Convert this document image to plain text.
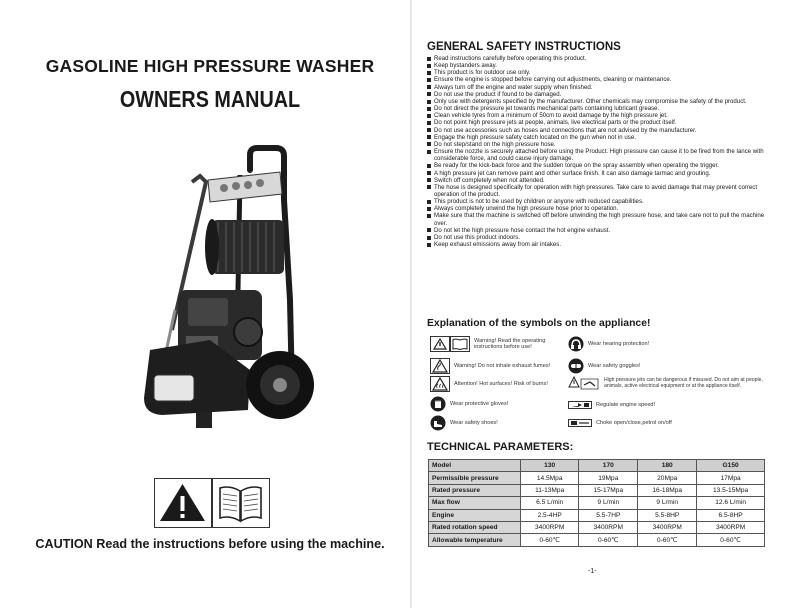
GASOLINE HIGH PRESSURE WASHER
OWNERS MANUAL
CAUTION Read the instructions before using the machine.
GENERAL SAFETY INSTRUCTIONS
Read instructions carefully before operating this product.
Keep bystanders away.
This product is for outdoor use only.
Ensure the engine is stopped before carrying out adjustments, cleaning or maintenance.
Always turn off the engine and water supply when finished.
Do not use the product if found to be damaged.
Only use with detergents specified by the manufacturer. Other chemicals may compromise the safety of the product.
Do not direct the pressure jet towards mechanical parts containing lubricant grease.
Clean vehicle tyres from a minimum of 50cm to avoid damage by the high pressure jet.
Do not point high pressure jets at people, animals, live electrical parts or the product itself.
Do not use accessories such as hoses and connections that are not advised by the manufacturer.
Engage the high pressure safety catch located on the gun when not in use.
Do not step/stand on the high pressure hose.
Ensure the nozzle is securely attached before using the Product. High pressure can cause it to be fired from the lance with considerable force, and could cause injury damage.
Be ready for the kick-back force and the sudden torque on the spray assembly when operating the trigger.
A high pressure jet can remove paint and other surface finish. It can also damage tarmac and grouting.
Switch off completely when not attended.
The hose is designed specifically for operation with high pressures. Take care to avoid damage that may prevent correct operation of the product.
This product is not to be used by children or anyone with reduced capabilities.
Always completely unwind the high pressure hose prior to operation.
Make sure that the machine is switched off before unwinding the high pressure hose, and take care not to pull the machine over.
Do not let the high pressure hose contact the hot engine exhaust.
Do not use this product indoors.
Keep exhaust emissions away from air intakes.
Explanation of the symbols on the appliance!
Warning! Read the operating instructions before use!
Wear hearing protection!
Warning! Do not inhale exhaust fumes!	Wear safety goggles!
Attention! Hot surfaces! Risk of burns!
High pressure jets can be dangerous if misused. Do not aim at people, animals, active electrical equipment or at the appliance itself.
Wear protective gloves!	Regulate engine speed!
Wear safety shoes!	Choke open/close,petrol on/off
TECHNICAL PARAMETERS:
Model	130	170	180	G150
Permissible pressure	14.5Mpa	19Mpa	20Mpa	17Mpa
Rated pressure	11-13Mpa	15-17Mpa	16-18Mpa	13.5-15Mpa
Max flow	6.5 L/min	9 L/min	9 L/min	12.6 L/min
Engine	2.5-4HP	5.5-7HP	5.5-8HP	6.5-8HP
Rated rotation speed	3400RPM	3400RPM	3400RPM	3400RPM
Allowable temperature	0-60℃	0-60℃	0-60℃	0-60℃
-1-
